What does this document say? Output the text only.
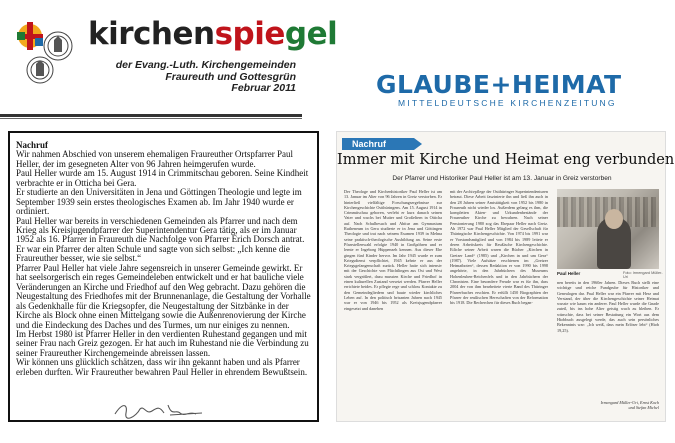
kirchenspiegel
der Evang.-Luth. Kirchengemeinden
Fraureuth und Gottesgrün
Februar 2011
Nachruf

Wir nahmen Abschied von unserem ehemaligen Fraureuther Ortspfarrer Paul Heller, der im gesegneten Alter von 96 Jahren heimgerufen wurde.

Paul Heller wurde am 15. August 1914 in Crimmitschau geboren. Seine Kindheit verbrachte er in Otticha bei Gera.

Er studierte an den Universitäten in Jena und Göttingen Theologie und legte im September 1939 sein erstes theologisches Examen ab. Im Jahr 1940 wurde er ordiniert.

Paul Heller war bereits in verschiedenen Gemeinden als Pfarrer und nach dem Krieg als Kreisjugendpfarrer der Superintendentur Gera tätig, als er im Januar 1952 als 16. Pfarrer in Fraureuth die Nachfolge von Pfarrer Erich Dorsch antrat. Er war ein Pfarrer der alten Schule und sagte von sich selbst: „Ich kenne die Fraureuther besser, wie sie selbst.“

Pfarrer Paul Heller hat viele Jahre segensreich in unserer Gemeinde gewirkt. Er hat seelsorgerisch ein reges Gemeindeleben entwickelt und er hat bauliche viele Veränderungen an Kirche und Friedhof auf den Weg gebracht. Dazu gehören die Neugestaltung des Friedhofes mit der Brunnenanlage, die Gestaltung der Vorhalle als Gedenkhalle für die Kriegsopfer, die Neugestaltung der Sitzbänke in der Kirche als Block ohne einen Mittelgang sowie die Außenrenovierung der Kirche und die Eindeckung des Daches und des Turmes, um nur einiges zu nennen.

Im Herbst 1980 ist Pfarrer Heller in den verdienten Ruhestand gegangen und mit seiner Frau nach Greiz gezogen. Er hat auch im Ruhestand nie die Verbindung zu seiner Fraureuther Kirchengemeinde abreissen lassen.

Wir können uns glücklich schätzen, dass wir ihn gekannt haben und als Pfarrer erleben durften. Wir Fraureuther bewahren Paul Heller in ehrendem Bewußtsein.

GLAUBE+HEIMAT
MITTELDEUTSCHE KIRCHENZEITUNG
Nachruf
Immer mit Kirche und Heimat eng verbunden
Der Pfarrer und Historiker Paul Heller ist am 13. Januar in Greiz verstorben
Der Theologe und Kirchenhistoriker Paul Heller ist am 13. Januar im Alter von 96 Jahren in Greiz verstorben. Er hinterließ vielfältige Forschungsergebnisse zur Kirchengeschichte Ostthüringens. Am 15. August 1914 in Crimmitschau geboren, verlebt er kurz danach seinen Vater und wuchs bei Mutter und Großeltern in Otticha auf. Nach Schulbesuch und Abitur am Gymnasium Rutheneum in Gera studierte er in Jena und Göttingen Theologie und trat nach seinem Examen 1939 in Mehna seine praktisch-theologische Ausbildung an. Seine erste Pfarrstellenwahl erfolgte 1940 in Großpöhren und er lernte er Ingeborg Hüppenzeh kennen. Aus dieser Ehe gingen fünf Kinder hervor. Im Jahr 1945 wurde er zum Kriegsdienst verpflichtet, 1945 kehrte er aus der Kriegsgefangenschaft zurück. Heller hatte sich intensiv mit der Geschichte von Flüchtlingen aus Ost und West stark vergrößert, dazu mussten Kirche und Friedhof in einen kulturellen Zustand versetzt werden. Pfarrer Heller errichtete beides. Er pflegte rege und schloss Kontakte zu den Gemeindegliedern und baute wieder kirchliches Leben auf. In den politisch brisanten Jahren nach 1945 war er von 1946 bis 1952 als Kreisjugendpfarrer eingesetzt und daneben
mit der Archivpflege der Ostthüringer Superintendenturen betraut. Diese Arbeit faszinierte ihn und ließ ihn auch in den 28 Jahren seiner Amtstätigkeit von 1952 bis 1980 in Fraureuth nicht wieder los. Außerdem gelang es ihm, die kompletten Akten- und Urkundenbestände der Fraureuther Kirche zu bewahren. Nach seiner Pensionierung 1980 zog das Ehepaar Heller nach Greiz. Ab 1972 war Paul Heller Mitglied der Gesellschaft für Thüringische Kirchengeschichte. Von 1974 bis 1991 war er Vorstandsmitglied und von 1984 bis 1989 leitete er deren Arbeitskreis für Reußische Kirchengeschichte. Etliche seiner Arbeit waren die Bücher „Kirchen in Greizer Land“ (1985) und „Kirchen in und um Gera“ (1987). Viele Aufsätze erschienen im „Greizer Heimatboten“, dessen Redaktion er von 1990 bis 1998 angehörte, in den Jahrbüchern des Museums Hohenleuben-Reichenfels und in den Jahrbüchern der Chronisten. Eine besondere Freude war es für ihn, dass 2004 der von ihm bearbeitete vierte Band des Thüringer Pfarrerbuches erschien. Er erfüllt 1450 Biographien der Pfarrer der reußischen Herrschaften von der Reformation bis 1918. Die Recherchen für dieses Buch began-
Paul Heller	Foto: Irmengard Müller-Uri
nen bereits in den 1960er Jahren. Dieses Buch stellt eine wichtige und reiche Fundgrube für Historiker und Genealogen dar. Paul Heller war ein Pfarrer mit Herz und Verstand, der über die Kirchengeschichte seiner Heimat wusste wie kaum ein anderer. Paul Heller wurde die Gnade zuteil, bis ins hohe Alter geistig wach zu bleiben. Er wünschte, dass bei seiner Bestattung ein Wort aus dem Hiobbuch ausgelegt werde, das auch sein persönliches Bekenntnis war: „Ich weiß, dass mein Erlöser lebt“ (Hiob 19,25).
Irmengard Müller-Uri, Ernst Koch und Stefan Michel
